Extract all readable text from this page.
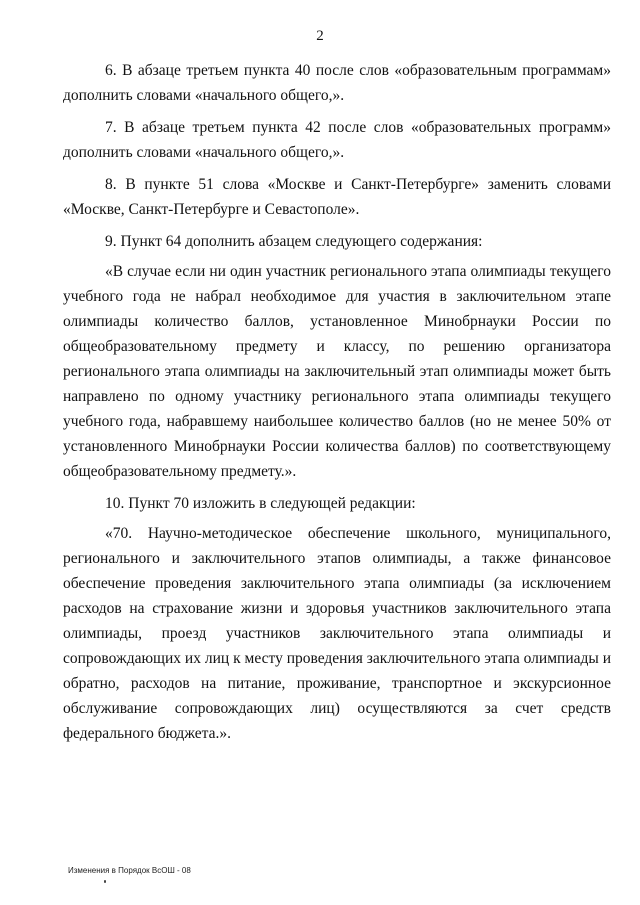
2

6. В абзаце третьем пункта 40 после слов «образовательным программам» дополнить словами «начального общего,».

7. В абзаце третьем пункта 42 после слов «образовательных программ» дополнить словами «начального общего,».

8. В пункте 51 слова «Москве и Санкт-Петербурге» заменить словами «Москве, Санкт-Петербурге и Севастополе».

9. Пункт 64 дополнить абзацем следующего содержания:

«В случае если ни один участник регионального этапа олимпиады текущего учебного года не набрал необходимое для участия в заключительном этапе олимпиады количество баллов, установленное Минобрнауки России по общеобразовательному предмету и классу, по решению организатора регионального этапа олимпиады на заключительный этап олимпиады может быть направлено по одному участнику регионального этапа олимпиады текущего учебного года, набравшему наибольшее количество баллов (но не менее 50% от установленного Минобрнауки России количества баллов) по соответствующему общеобразовательному предмету.».

10. Пункт 70 изложить в следующей редакции:

«70. Научно-методическое обеспечение школьного, муниципального, регионального и заключительного этапов олимпиады, а также финансовое обеспечение проведения заключительного этапа олимпиады (за исключением расходов на страхование жизни и здоровья участников заключительного этапа олимпиады, проезд участников заключительного этапа олимпиады и сопровождающих их лиц к месту проведения заключительного этапа олимпиады и обратно, расходов на питание, проживание, транспортное и экскурсионное обслуживание сопровождающих лиц) осуществляются за счет средств федерального бюджета.».

Изменения в Порядок ВсОШ - 08
